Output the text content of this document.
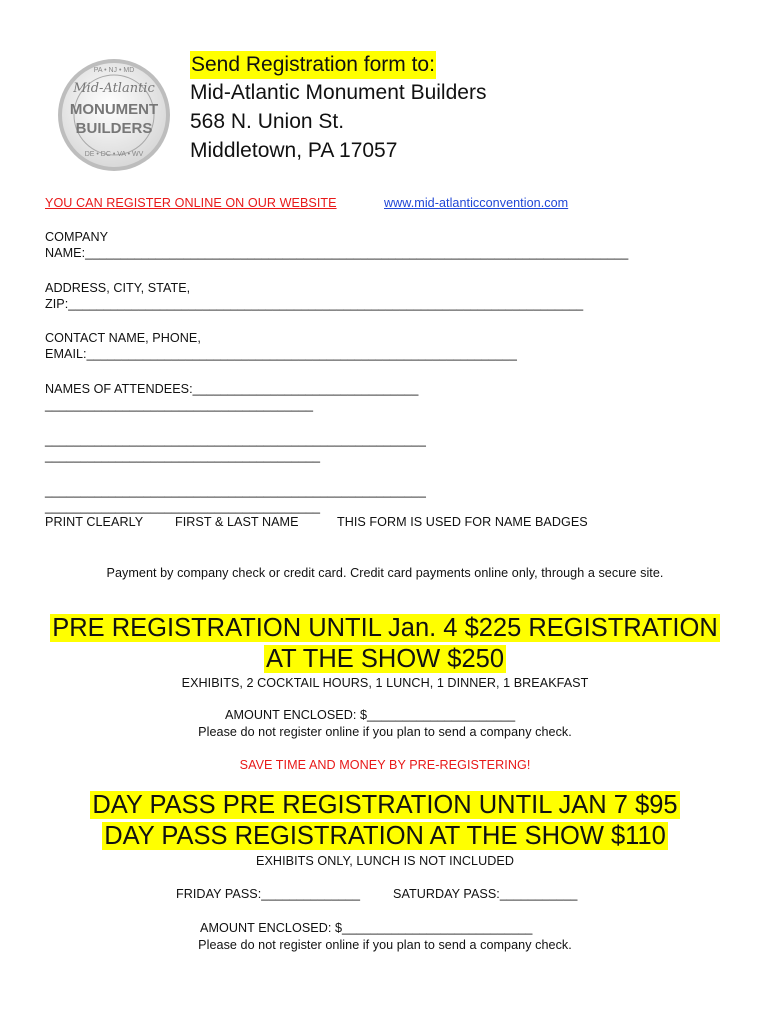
Mid-Atlantic
MONUMENT
BUILDERS
PA • NJ • MD
DE • DC • VA • WV
Send Registration form to:
Mid-Atlantic Monument Builders
568 N. Union St.
Middletown, PA 17057
YOU CAN REGISTER ONLINE ON OUR WEBSITE	www.mid-atlanticconvention.com
COMPANY
NAME:_____________________________________________________________________________
ADDRESS, CITY, STATE,
ZIP:_________________________________________________________________________
CONTACT NAME, PHONE,
EMAIL:_____________________________________________________________
NAMES OF ATTENDEES:________________________________
______________________________________
______________________________________________________
_______________________________________
______________________________________________________
_______________________________________
PRINT CLEARLY	FIRST & LAST NAME	THIS FORM IS USED FOR NAME BADGES
Payment by company check or credit card. Credit card payments online only, through a secure site.
PRE REGISTRATION UNTIL Jan. 4 $225 REGISTRATION
AT THE SHOW $250
EXHIBITS, 2 COCKTAIL HOURS, 1 LUNCH, 1 DINNER, 1 BREAKFAST
AMOUNT ENCLOSED: $_____________________
Please do not register online if you plan to send a company check.
SAVE TIME AND MONEY BY PRE-REGISTERING!
DAY PASS PRE REGISTRATION UNTIL JAN 7 $95
DAY PASS REGISTRATION AT THE SHOW $110
EXHIBITS ONLY, LUNCH IS NOT INCLUDED
FRIDAY PASS:______________	SATURDAY PASS:___________
AMOUNT ENCLOSED: $___________________________
Please do not register online if you plan to send a company check.
